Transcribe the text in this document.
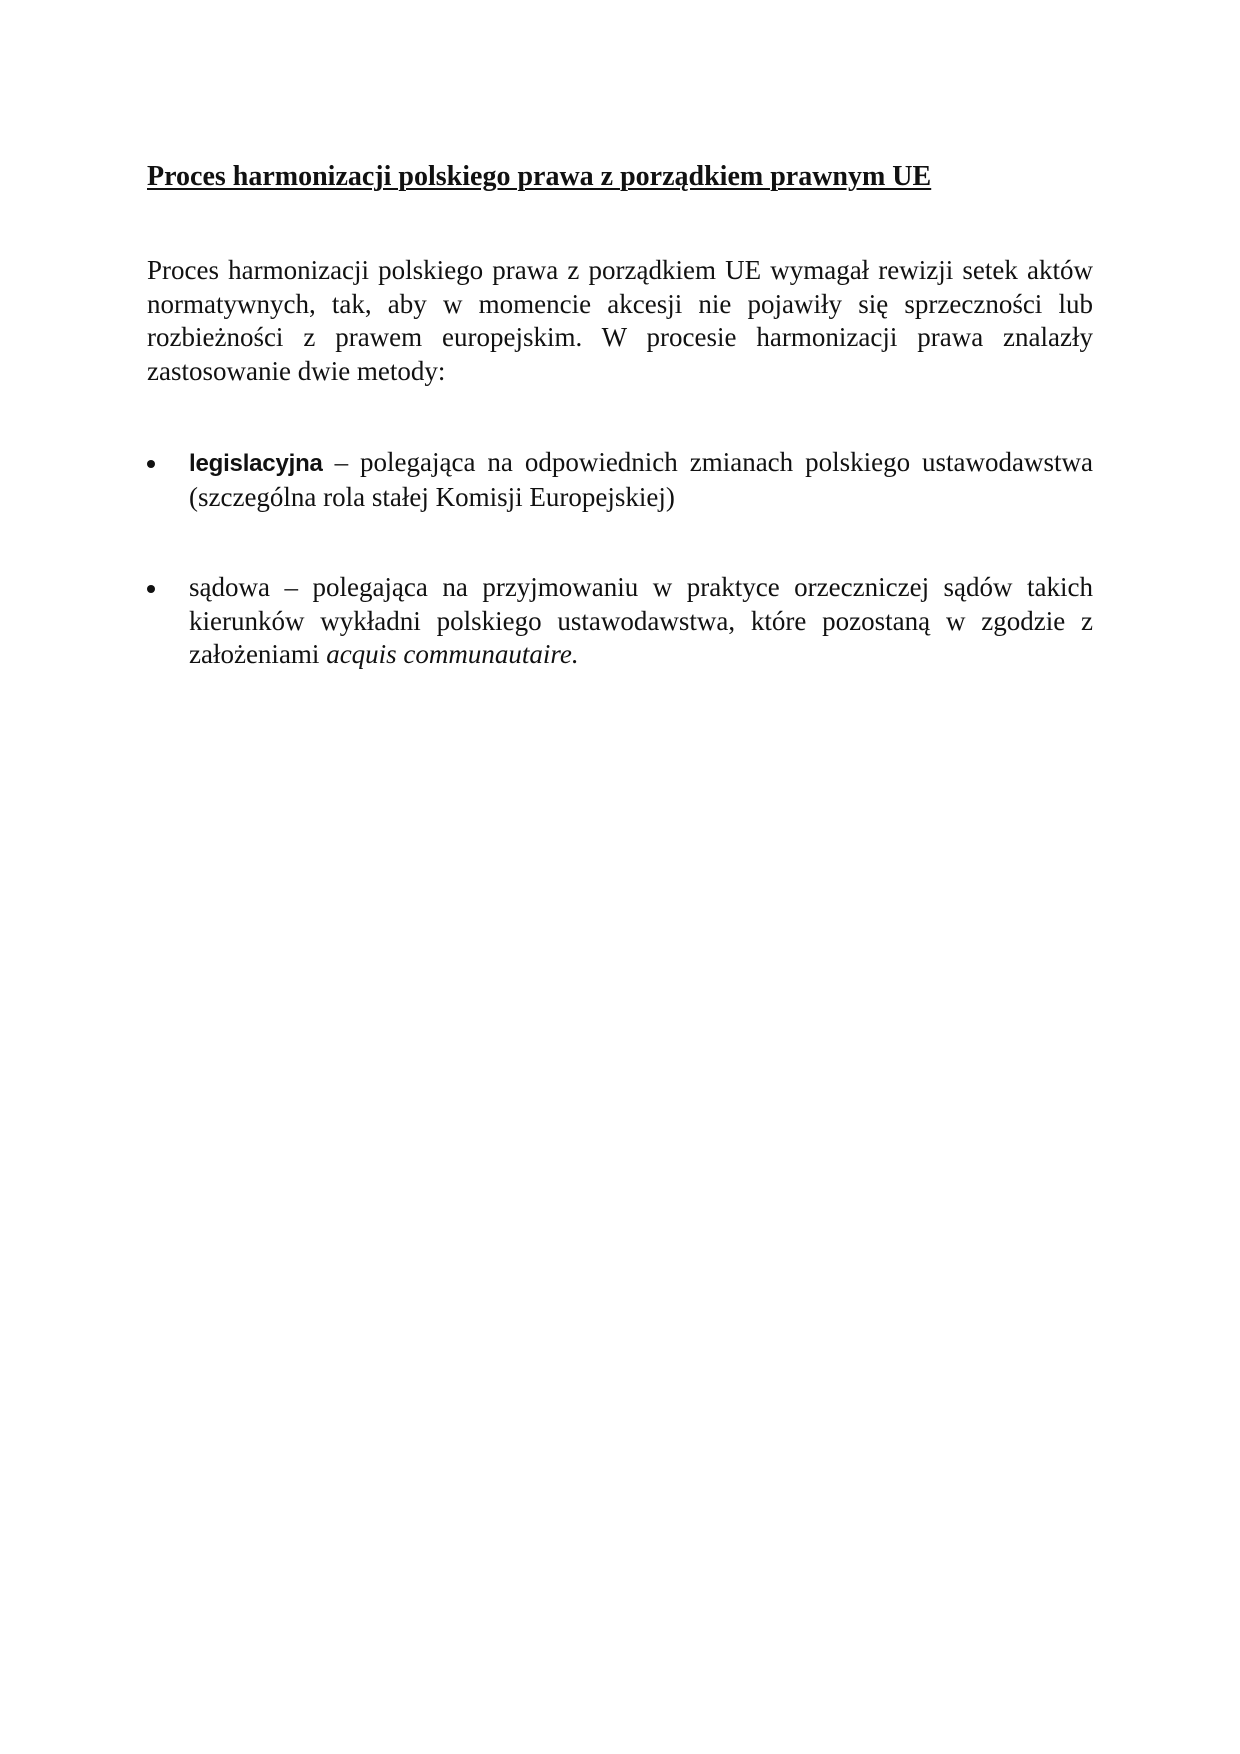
Proces harmonizacji polskiego prawa z porządkiem prawnym UE

Proces harmonizacji polskiego prawa z porządkiem UE wymagał rewizji setek aktów normatywnych, tak, aby w momencie akcesji nie pojawiły się sprzeczności lub rozbieżności z prawem europejskim. W procesie harmonizacji prawa znalazły zastosowanie dwie metody:

legislacyjna – polegająca na odpowiednich zmianach polskiego ustawodawstwa (szczególna rola stałej Komisji Europejskiej)
sądowa – polegająca na przyjmowaniu w praktyce orzeczniczej sądów takich kierunków wykładni polskiego ustawodawstwa, które pozostaną w zgodzie z założeniami acquis communautaire.
